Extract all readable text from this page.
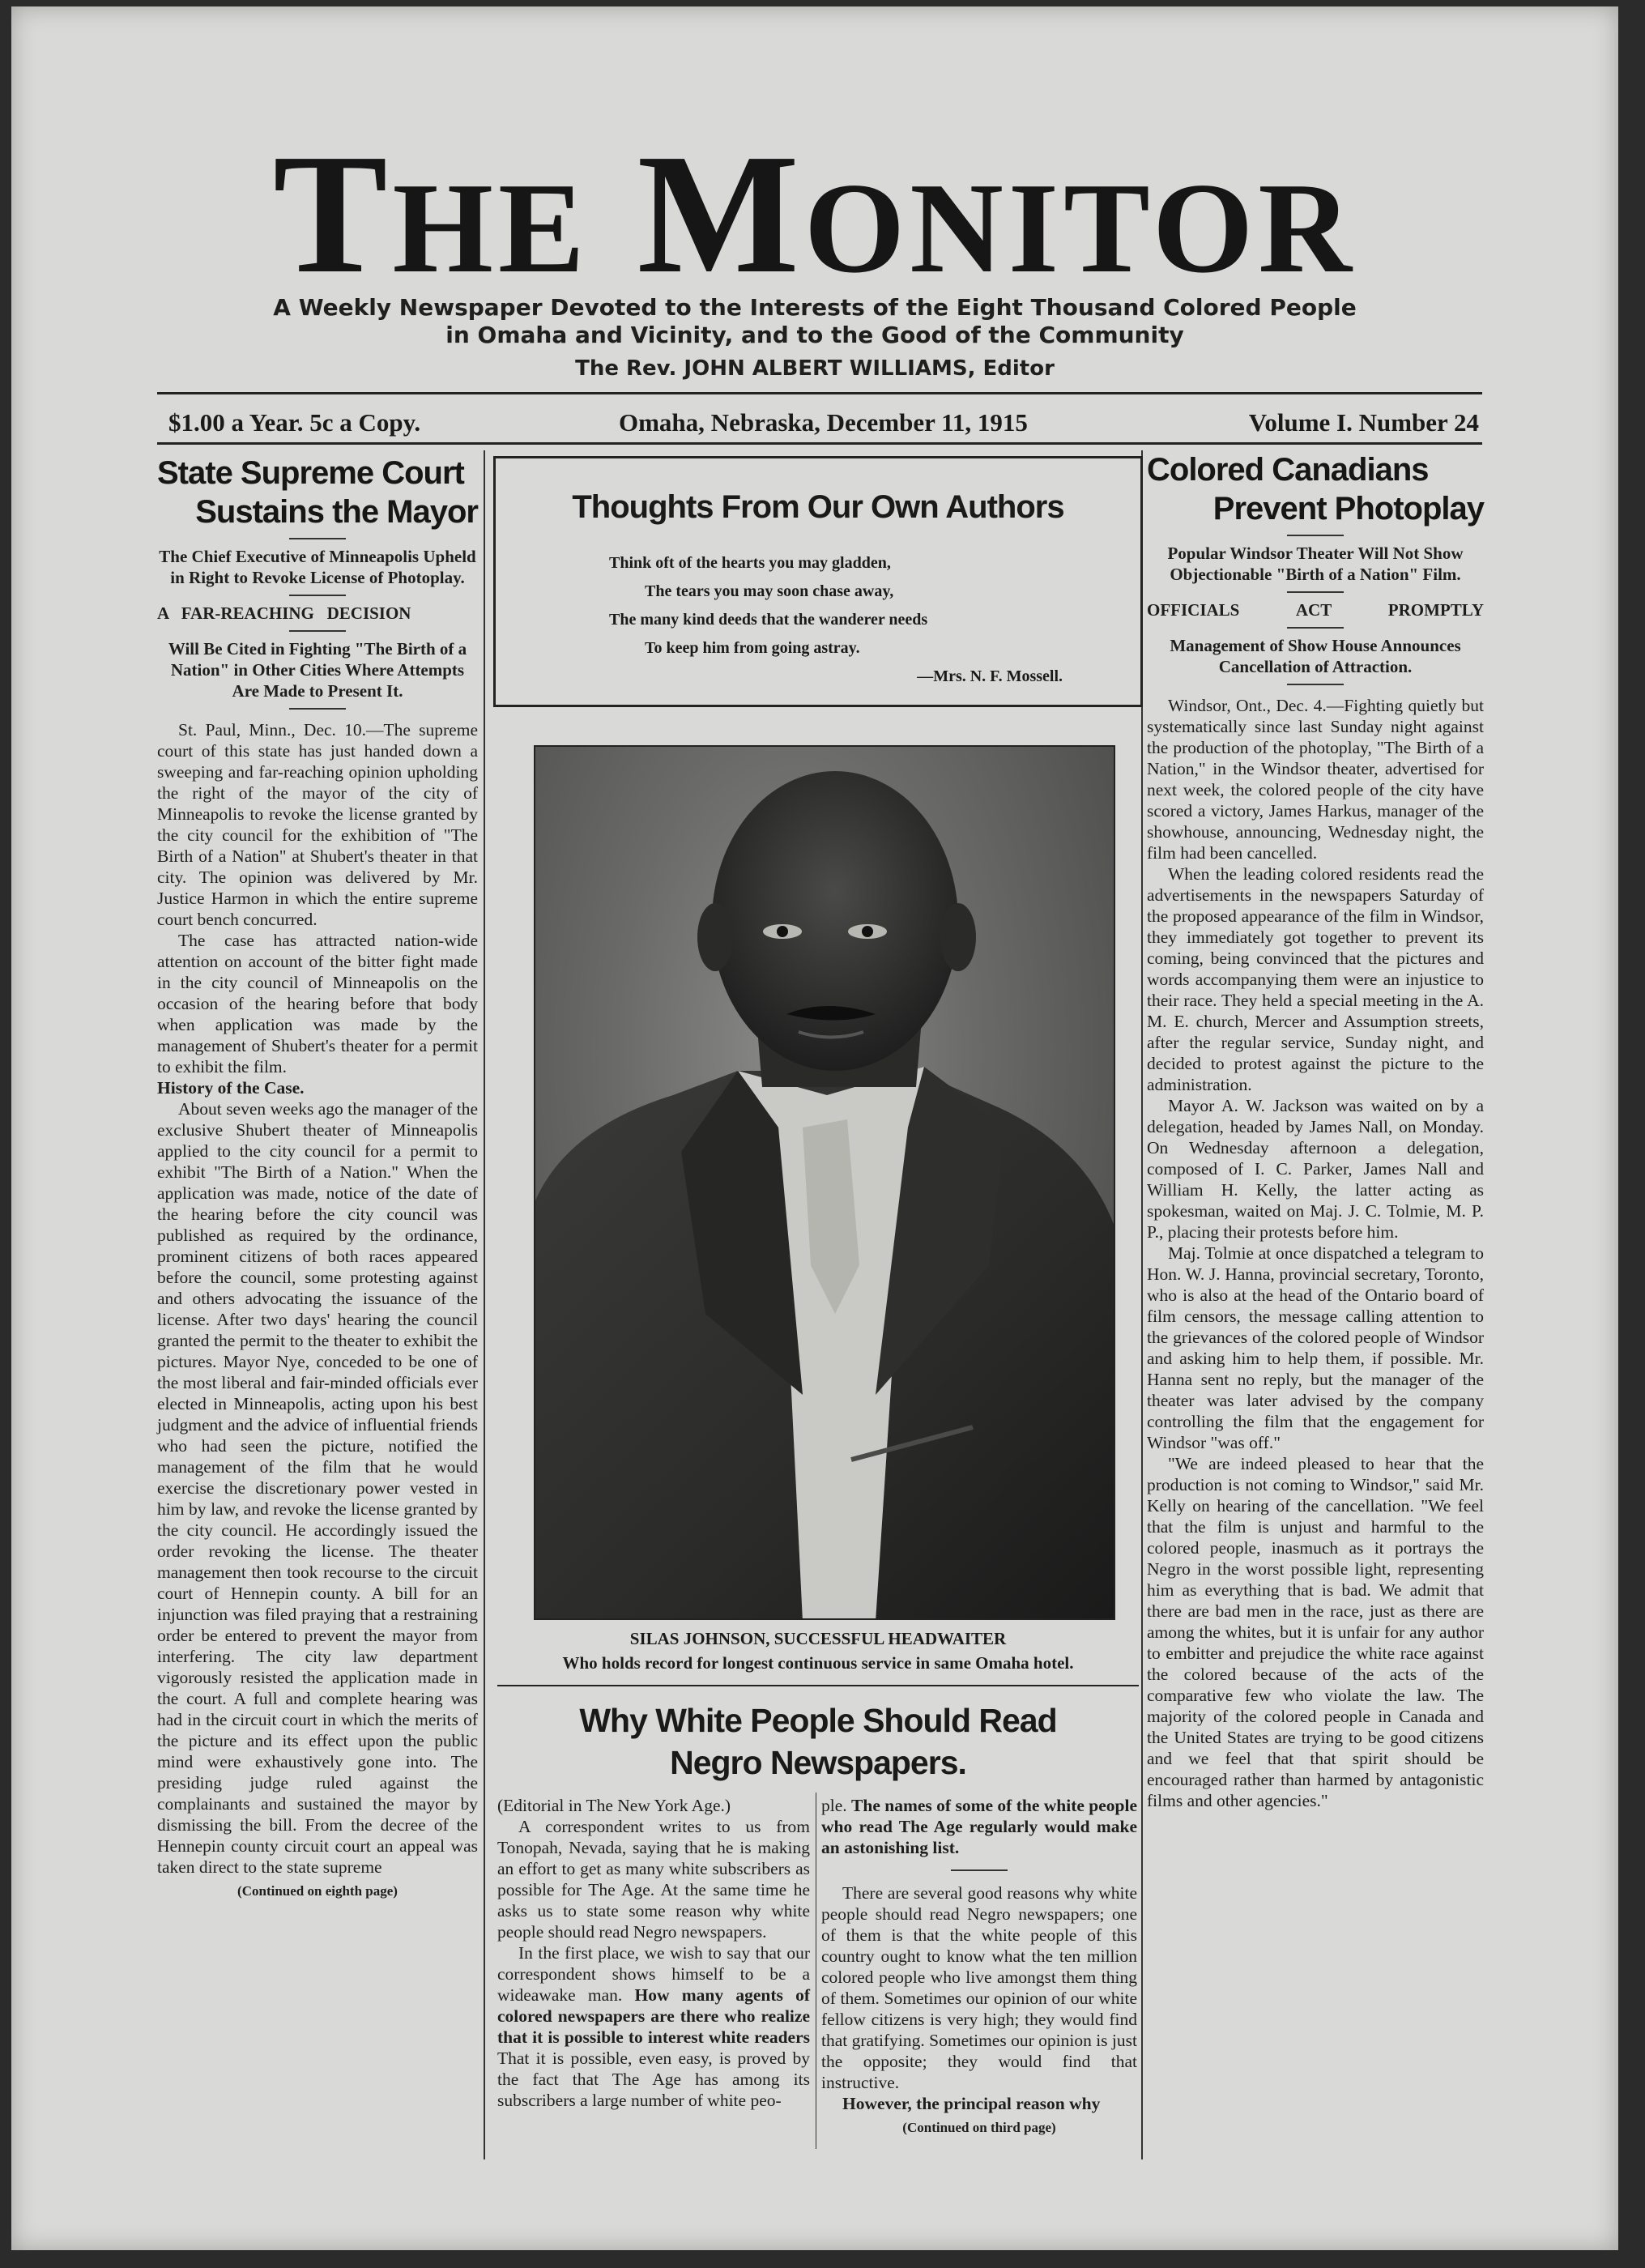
THE MONITOR
A Weekly Newspaper Devoted to the Interests of the Eight Thousand Colored People
in Omaha and Vicinity, and to the Good of the Community
The Rev. JOHN ALBERT WILLIAMS, Editor
$1.00 a Year. 5c a Copy.	Omaha, Nebraska, December 11, 1915	Volume I. Number 24
State Supreme Court
Sustains the Mayor
The Chief Executive of Minneapolis Upheld in Right to Revoke License of Photoplay.
A   FAR-REACHING   DECISION
Will Be Cited in Fighting "The Birth of a Nation" in Other Cities Where Attempts Are Made to Present It.

St. Paul, Minn., Dec. 10.—The supreme court of this state has just handed down a sweeping and far-reaching opinion upholding the right of the mayor of the city of Minneapolis to revoke the license granted by the city council for the exhibition of "The Birth of a Nation" at Shubert's theater in that city. The opinion was delivered by Mr. Justice Harmon in which the entire supreme court bench concurred.

The case has attracted nation-wide attention on account of the bitter fight made in the city council of Minneapolis on the occasion of the hearing before that body when application was made by the management of Shubert's theater for a permit to exhibit the film.

History of the Case.

About seven weeks ago the manager of the exclusive Shubert theater of Minneapolis applied to the city council for a permit to exhibit "The Birth of a Nation." When the application was made, notice of the date of the hearing before the city council was published as required by the ordinance, prominent citizens of both races appeared before the council, some protesting against and others advocating the issuance of the license. After two days' hearing the council granted the permit to the theater to exhibit the pictures. Mayor Nye, conceded to be one of the most liberal and fair-minded officials ever elected in Minneapolis, acting upon his best judgment and the advice of influential friends who had seen the picture, notified the management of the film that he would exercise the discretionary power vested in him by law, and revoke the license granted by the city council. He accordingly issued the order revoking the license. The theater management then took recourse to the circuit court of Hennepin county. A bill for an injunction was filed praying that a restraining order be entered to prevent the mayor from interfering. The city law department vigorously resisted the application made in the court. A full and complete hearing was had in the circuit court in which the merits of the picture and its effect upon the public mind were exhaustively gone into. The presiding judge ruled against the complainants and sustained the mayor by dismissing the bill. From the decree of the Hennepin county circuit court an appeal was taken direct to the state supreme

(Continued on eighth page)
Thoughts From Our Own Authors
Think oft of the hearts you may gladden,
The tears you may soon chase away,
The many kind deeds that the wanderer needs
To keep him from going astray.
—Mrs. N. F. Mossell.
SILAS JOHNSON, SUCCESSFUL HEADWAITER
Who holds record for longest continuous service in same Omaha hotel.
Why White People Should Read
Negro Newspapers.

(Editorial in The New York Age.)

A correspondent writes to us from Tonopah, Nevada, saying that he is making an effort to get as many white subscribers as possible for The Age. At the same time he asks us to state some reason why white people should read Negro newspapers.

In the first place, we wish to say that our correspondent shows himself to be a wideawake man. How many agents of colored newspapers are there who realize that it is possible to interest white readers That it is possible, even easy, is proved by the fact that The Age has among its subscribers a large number of white peo-

ple. The names of some of the white people who read The Age regularly would make an astonishing list.

There are several good reasons why white people should read Negro newspapers; one of them is that the white people of this country ought to know what the ten million colored people who live amongst them thing of them. Sometimes our opinion of our white fellow citizens is very high; they would find that gratifying. Sometimes our opinion is just the opposite; they would find that instructive.

However, the principal reason why

(Continued on third page)
Colored Canadians
Prevent Photoplay
Popular Windsor Theater Will Not Show Objectionable "Birth of a Nation" Film.
OFFICIALS	ACT	PROMPTLY
Management of Show House Announces Cancellation of Attraction.

Windsor, Ont., Dec. 4.—Fighting quietly but systematically since last Sunday night against the production of the photoplay, "The Birth of a Nation," in the Windsor theater, advertised for next week, the colored people of the city have scored a victory, James Harkus, manager of the showhouse, announcing, Wednesday night, the film had been cancelled.

When the leading colored residents read the advertisements in the newspapers Saturday of the proposed appearance of the film in Windsor, they immediately got together to prevent its coming, being convinced that the pictures and words accompanying them were an injustice to their race. They held a special meeting in the A. M. E. church, Mercer and Assumption streets, after the regular service, Sunday night, and decided to protest against the picture to the administration.

Mayor A. W. Jackson was waited on by a delegation, headed by James Nall, on Monday. On Wednesday afternoon a delegation, composed of I. C. Parker, James Nall and William H. Kelly, the latter acting as spokesman, waited on Maj. J. C. Tolmie, M. P. P., placing their protests before him.

Maj. Tolmie at once dispatched a telegram to Hon. W. J. Hanna, provincial secretary, Toronto, who is also at the head of the Ontario board of film censors, the message calling attention to the grievances of the colored people of Windsor and asking him to help them, if possible. Mr. Hanna sent no reply, but the manager of the theater was later advised by the company controlling the film that the engagement for Windsor "was off."

"We are indeed pleased to hear that the production is not coming to Windsor," said Mr. Kelly on hearing of the cancellation. "We feel that the film is unjust and harmful to the colored people, inasmuch as it portrays the Negro in the worst possible light, representing him as everything that is bad. We admit that there are bad men in the race, just as there are among the whites, but it is unfair for any author to embitter and prejudice the white race against the colored because of the acts of the comparative few who violate the law. The majority of the colored people in Canada and the United States are trying to be good citizens and we feel that that spirit should be encouraged rather than harmed by antagonistic films and other agencies."
